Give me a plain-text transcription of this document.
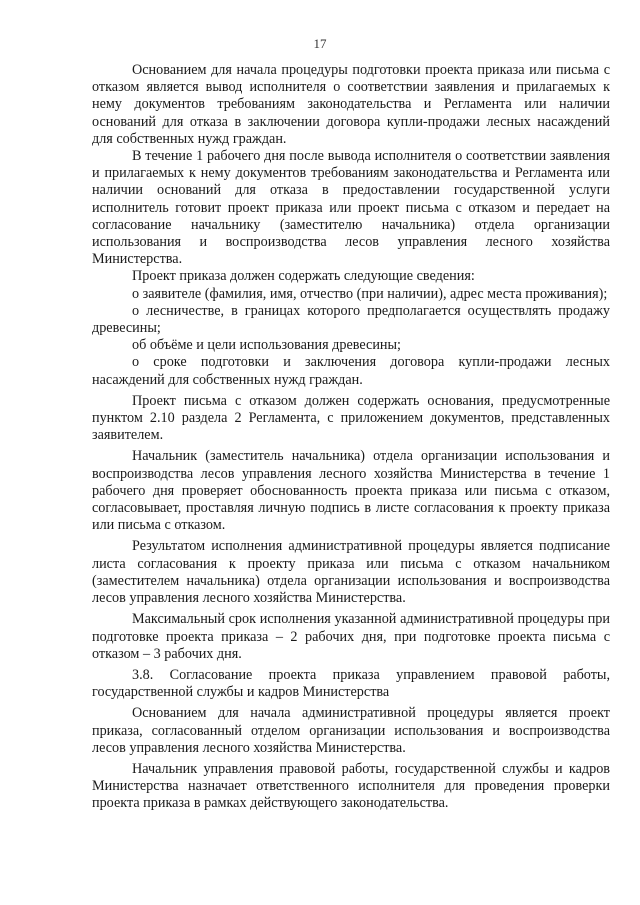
17

Основанием для начала процедуры подготовки проекта приказа или письма с отказом является вывод исполнителя о соответствии заявления и прилагаемых к нему документов требованиям законодательства и Регламента или наличии оснований для отказа в заключении договора купли-продажи лесных насаждений для собственных нужд граждан.

В течение 1 рабочего дня после вывода исполнителя о соответствии заявления и прилагаемых к нему документов требованиям законодательства и Регламента или наличии оснований для отказа в предоставлении государственной услуги исполнитель готовит проект приказа или проект письма с отказом и передает на согласование начальнику (заместителю начальника) отдела организации использования и воспроизводства лесов управления лесного хозяйства Министерства.

Проект приказа должен содержать следующие сведения:

о заявителе (фамилия, имя, отчество (при наличии), адрес места проживания);

о лесничестве, в границах которого предполагается осуществлять продажу древесины;

об объёме и цели использования древесины;

о сроке подготовки и заключения договора купли-продажи лесных насаждений для собственных нужд граждан.

Проект письма с отказом должен содержать основания, предусмотренные пунктом 2.10 раздела 2 Регламента, с приложением документов, представленных заявителем.

Начальник (заместитель начальника) отдела организации использования и воспроизводства лесов управления лесного хозяйства Министерства в течение 1 рабочего дня проверяет обоснованность проекта приказа или письма с отказом, согласовывает, проставляя личную подпись в листе согласования к проекту приказа или письма с отказом.

Результатом исполнения административной процедуры является подписание листа согласования к проекту приказа или письма с отказом начальником (заместителем начальника) отдела организации использования и воспроизводства лесов управления лесного хозяйства Министерства.

Максимальный срок исполнения указанной административной процедуры при подготовке проекта приказа – 2 рабочих дня, при подготовке проекта письма с отказом – 3 рабочих дня.

3.8. Согласование проекта приказа управлением правовой работы, государственной службы и кадров Министерства

Основанием для начала административной процедуры является проект приказа, согласованный отделом организации использования и воспроизводства лесов управления лесного хозяйства Министерства.

Начальник управления правовой работы, государственной службы и кадров Министерства назначает ответственного исполнителя для проведения проверки проекта приказа в рамках действующего законодательства.
